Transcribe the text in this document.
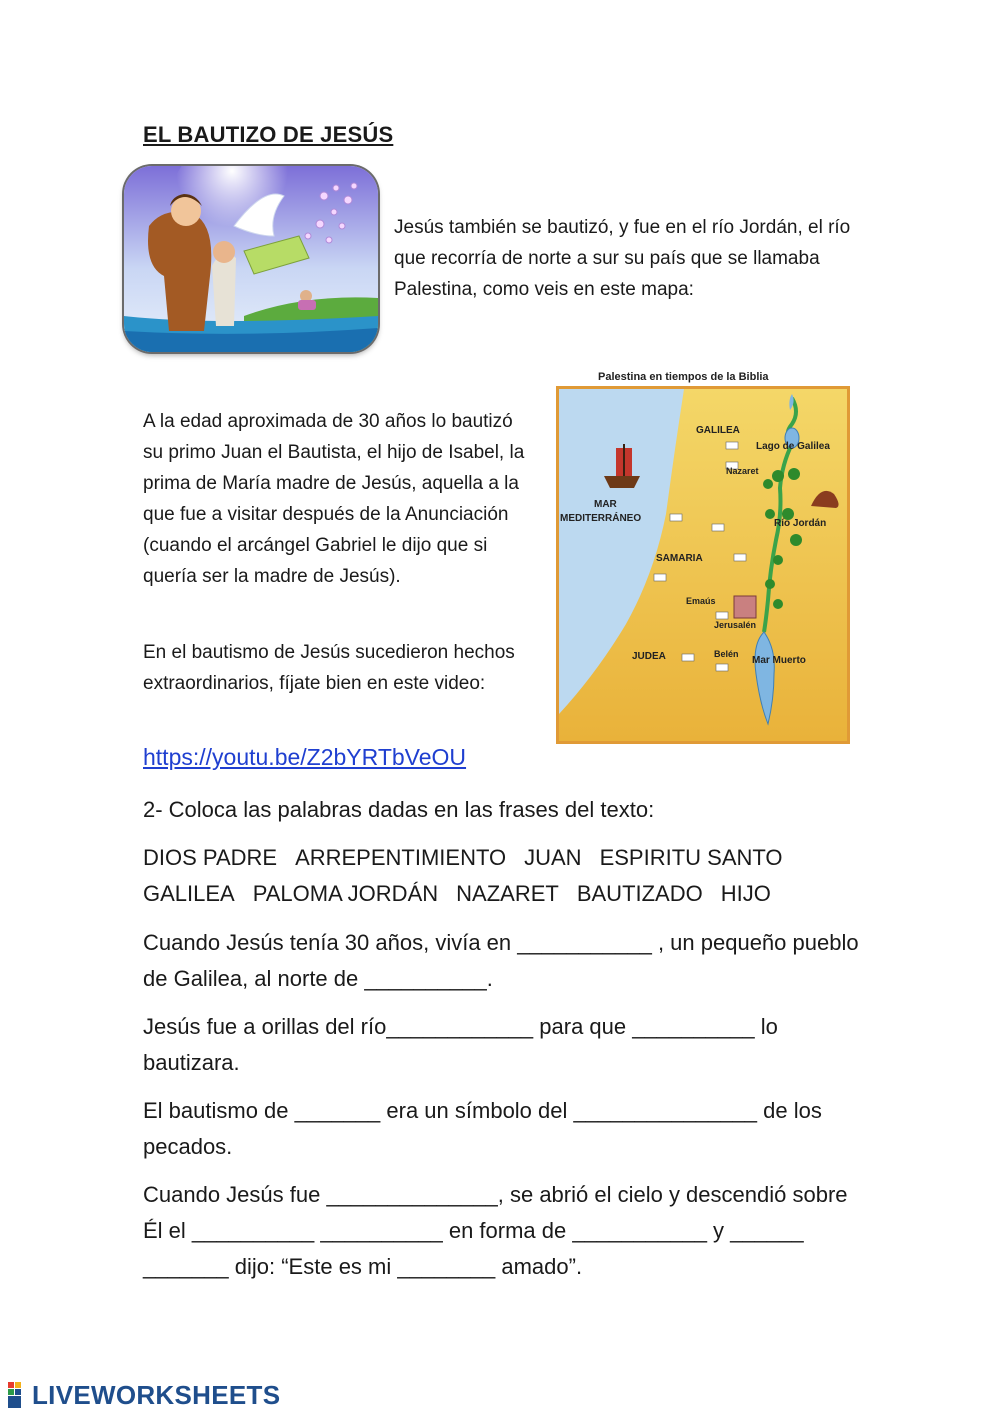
EL BAUTIZO DE JESÚS
Jesús también se bautizó, y fue en el río Jordán, el río que recorría de norte a sur su país que se llamaba Palestina, como veis en este mapa:
A la edad aproximada de 30 años lo bautizó su primo Juan el Bautista, el hijo de Isabel, la prima de María madre de Jesús, aquella a la que fue a visitar después de la Anunciación (cuando el arcángel Gabriel le dijo que si quería ser la madre de Jesús).
En el bautismo de Jesús sucedieron hechos extraordinarios, fíjate bien en este video:
Palestina en tiempos de la Biblia
GALILEA
Lago de Galilea
Nazaret
MAR
MEDITERRÁNEO	Río Jordán
SAMARIA
Emaús
Jerusalén
JUDEA	Belén
Mar Muerto
https://youtu.be/Z2bYRTbVeOU
2- Coloca las palabras dadas en las frases del texto:
DIOS PADRE ARREPENTIMIENTO JUAN ESPIRITU SANTOGALILEA PALOMA JORDÁN NAZARET BAUTIZADO HIJO
Cuando Jesús tenía 30 años, vivía en ___________ , un pequeño pueblo de Galilea, al norte de __________.
Jesús fue a orillas del río____________ para que __________ lo bautizara.
El bautismo de _______ era un símbolo del _______________ de los pecados.
Cuando Jesús fue ______________, se abrió el cielo y descendió sobre Él el __________ __________ en forma de ___________ y ______ _______ dijo: “Este es mi ________ amado”.
LIVEWORKSHEETS
